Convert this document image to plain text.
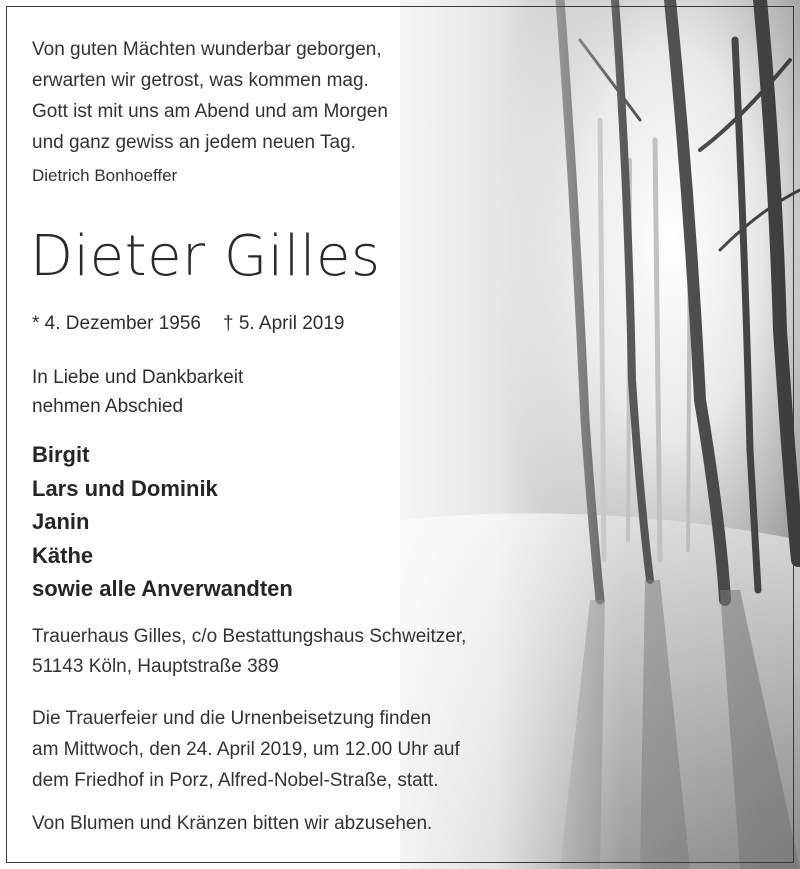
Von guten Mächten wunderbar geborgen,
erwarten wir getrost, was kommen mag.
Gott ist mit uns am Abend und am Morgen
und ganz gewiss an jedem neuen Tag.
Dietrich Bonhoeffer
Dieter Gilles
* 4. Dezember 1956 † 5. April 2019
In Liebe und Dankbarkeit
nehmen Abschied
Birgit
Lars und Dominik
Janin
Käthe
sowie alle Anverwandten
Trauerhaus Gilles, c/o Bestattungshaus Schweitzer,
51143 Köln, Hauptstraße 389
Die Trauerfeier und die Urnenbeisetzung finden
am Mittwoch, den 24. April 2019, um 12.00 Uhr auf
dem Friedhof in Porz, Alfred-Nobel-Straße, statt.
Von Blumen und Kränzen bitten wir abzusehen.
